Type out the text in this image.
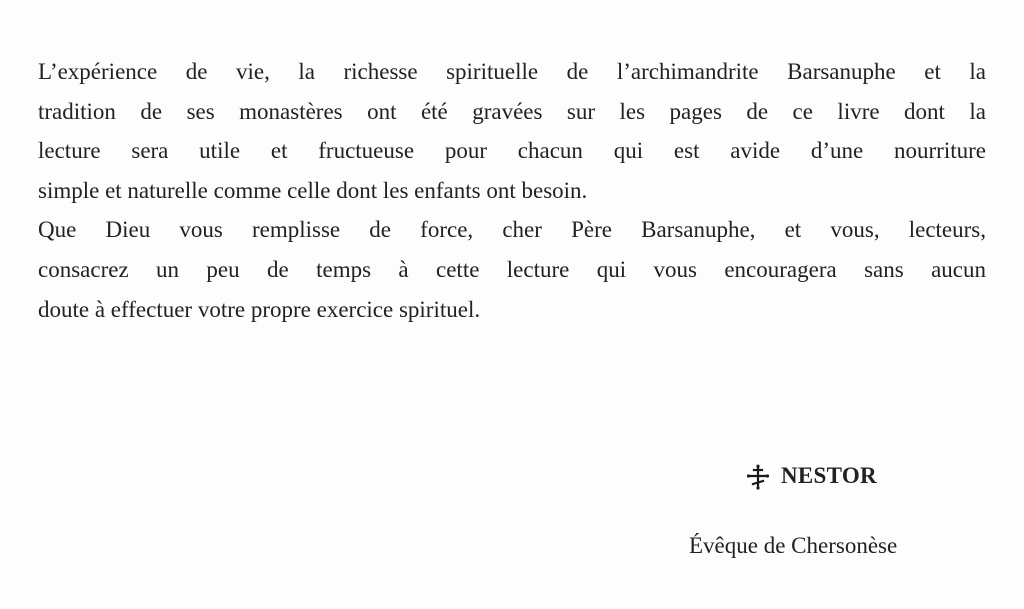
L’expérience de vie, la richesse spirituelle de l’archimandrite Barsanuphe et la
tradition de ses monastères ont été gravées sur les pages de ce livre dont la
lecture sera utile et fructueuse pour chacun qui est avide d’une nourriture
simple et naturelle comme celle dont les enfants ont besoin.
Que Dieu vous remplisse de force, cher Père Barsanuphe, et vous, lecteurs,
consacrez un peu de temps à cette lecture qui vous encouragera sans aucun
doute à effectuer votre propre exercice spirituel.
NESTOR
Évêque de Chersonèse
